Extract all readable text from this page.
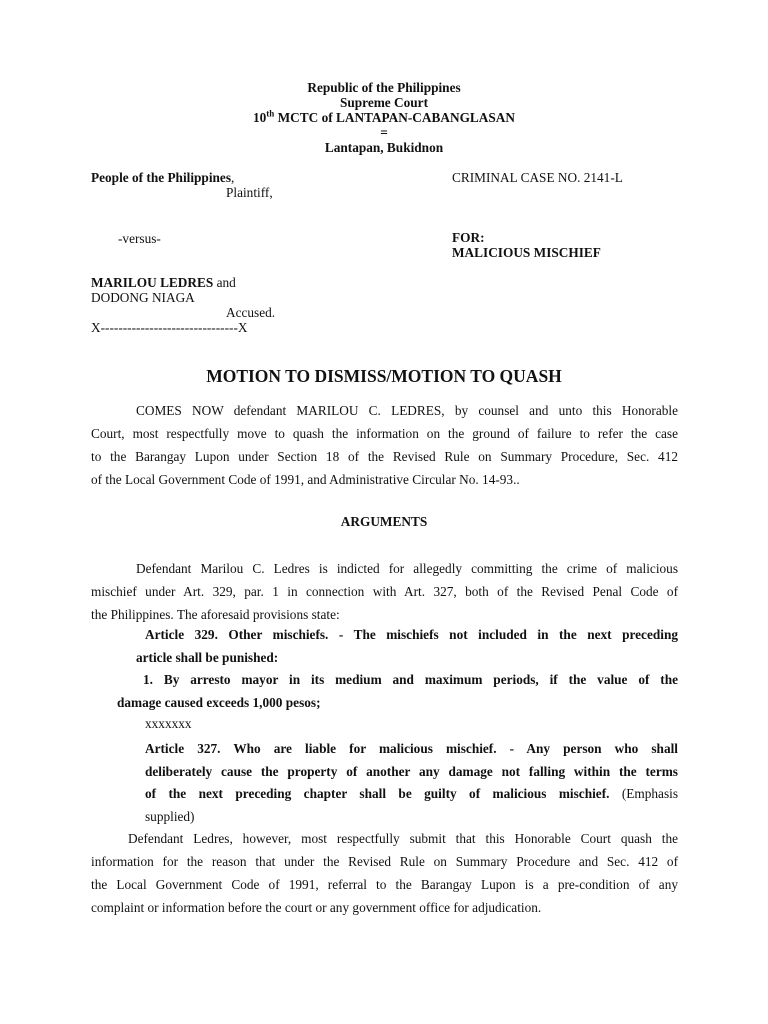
Republic of the Philippines
Supreme Court
10th MCTC of LANTAPAN-CABANGLASAN
=
Lantapan, Bukidnon
People of the Philippines,
Plaintiff,
-versus-
MARILOU LEDRES and
DODONG NIAGA
Accused.
X-------------------------------X
CRIMINAL CASE NO. 2141-L
FOR:
MALICIOUS MISCHIEF
MOTION TO DISMISS/MOTION TO QUASH
COMES NOW defendant MARILOU C. LEDRES, by counsel and unto this Honorable
Court, most respectfully move to quash the information on the ground of failure to refer the case
to the Barangay Lupon under Section 18 of the Revised Rule on Summary Procedure, Sec. 412
of the Local Government Code of 1991, and Administrative Circular No. 14-93..
ARGUMENTS
Defendant Marilou C. Ledres is indicted for allegedly committing the crime of malicious
mischief under Art. 329, par. 1 in connection with Art. 327, both of the Revised Penal Code of
the Philippines. The aforesaid provisions state:
Article 329. Other mischiefs. - The mischiefs not included in the next preceding
article shall be punished:
1. By arresto mayor in its medium and maximum periods, if the value of the
damage caused exceeds 1,000 pesos;
xxxxxxx
Article 327. Who are liable for malicious mischief. - Any person who shall
deliberately cause the property of another any damage not falling within the terms
of the next preceding chapter shall be guilty of malicious mischief. (Emphasis
supplied)
Defendant Ledres, however, most respectfully submit that this Honorable Court quash the
information for the reason that under the Revised Rule on Summary Procedure and Sec. 412 of
the Local Government Code of 1991, referral to the Barangay Lupon is a pre-condition of any
complaint or information before the court or any government office for adjudication.
